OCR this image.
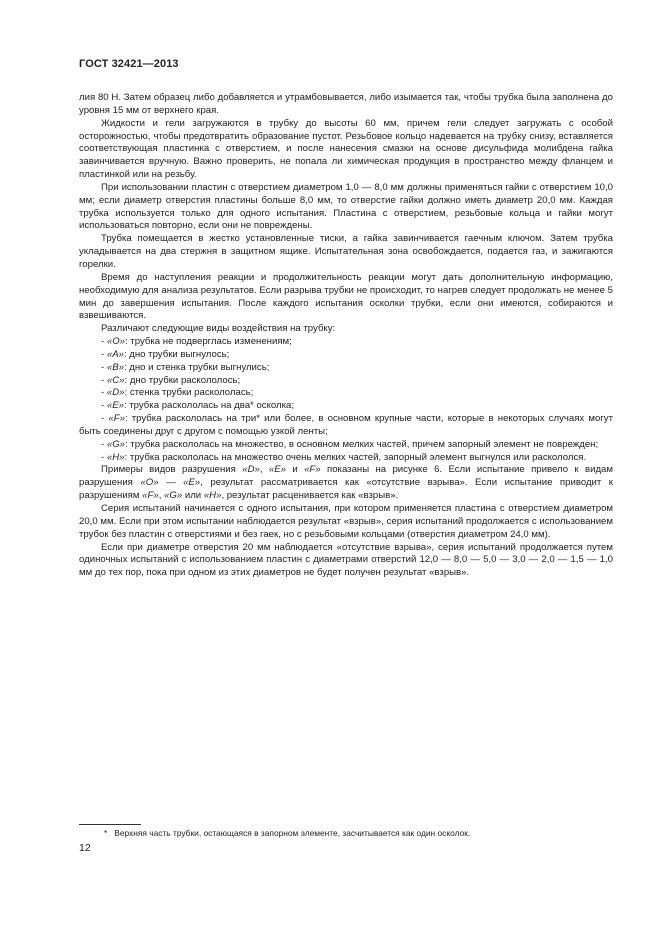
ГОСТ 32421—2013

лия 80 Н. Затем образец либо добавляется и утрамбовывается, либо изымается так, чтобы трубка была заполнена до уровня 15 мм от верхнего края.

Жидкости и гели загружаются в трубку до высоты 60 мм, причем гели следует загружать с особой осторожностью, чтобы предотвратить образование пустот. Резьбовое кольцо надевается на трубку снизу, вставляется соответствующая пластинка с отверстием, и после нанесения смазки на основе дисульфида молибдена гайка завинчивается вручную. Важно проверить, не попала ли химическая продукция в пространство между фланцем и пластинкой или на резьбу.

При использовании пластин с отверстием диаметром 1,0 — 8,0 мм должны применяться гайки с отверстием 10,0 мм; если диаметр отверстия пластины больше 8,0 мм, то отверстие гайки должно иметь диаметр 20,0 мм. Каждая трубка используется только для одного испытания. Пластина с отверстием, резьбовые кольца и гайки могут использоваться повторно, если они не повреждены.

Трубка помещается в жестко установленные тиски, а гайка завинчивается гаечным ключом. Затем трубка укладывается на два стержня в защитном ящике. Испытательная зона освобождается, подается газ, и зажигаются горелки.

Время до наступления реакции и продолжительность реакции могут дать дополнительную информацию, необходимую для анализа результатов. Если разрыва трубки не происходит, то нагрев следует продолжать не менее 5 мин до завершения испытания. После каждого испытания осколки трубки, если они имеются, собираются и взвешиваются.

Различают следующие виды воздействия на трубку:

- «O»: трубка не подверглась изменениям;

- «A»: дно трубки выгнулось;

- «B»: дно и стенка трубки выгнулись;

- «C»: дно трубки раскололось;

- «D»: стенка трубки раскололась;

- «E»: трубка раскололась на два* осколка;

- «F»: трубка раскололась на три* или более, в основном крупные части, которые в некоторых случаях могут быть соединены друг с другом с помощью узкой ленты;

- «G»: трубка раскололась на множество, в основном мелких частей, причем запорный элемент не поврежден;

- «H»: трубка раскололась на множество очень мелких частей, запорный элемент выгнулся или раскололся.

Примеры видов разрушения «D», «E» и «F» показаны на рисунке 6. Если испытание привело к видам разрушения «O» — «E», результат рассматривается как «отсутствие взрыва». Если испытание приводит к разрушениям «F», «G» или «H», результат расценивается как «взрыв».

Серия испытаний начинается с одного испытания, при котором применяется пластина с отверстием диаметром 20,0 мм. Если при этом испытании наблюдается результат «взрыв», серия испытаний продолжается с использованием трубок без пластин с отверстиями и без гаек, но с резьбовыми кольцами (отверстия диаметром 24,0 мм).

Если при диаметре отверстия 20 мм наблюдается «отсутствие взрыва», серия испытаний продолжается путем одиночных испытаний с использованием пластин с диаметрами отверстий 12,0 — 8,0 — 5,0 — 3,0 — 2,0 — 1,5 — 1,0 мм до тех пор, пока при одном из этих диаметров не будет получен результат «взрыв».

* Верхняя часть трубки, остающаяся в запорном элементе, засчитывается как один осколок.
12
